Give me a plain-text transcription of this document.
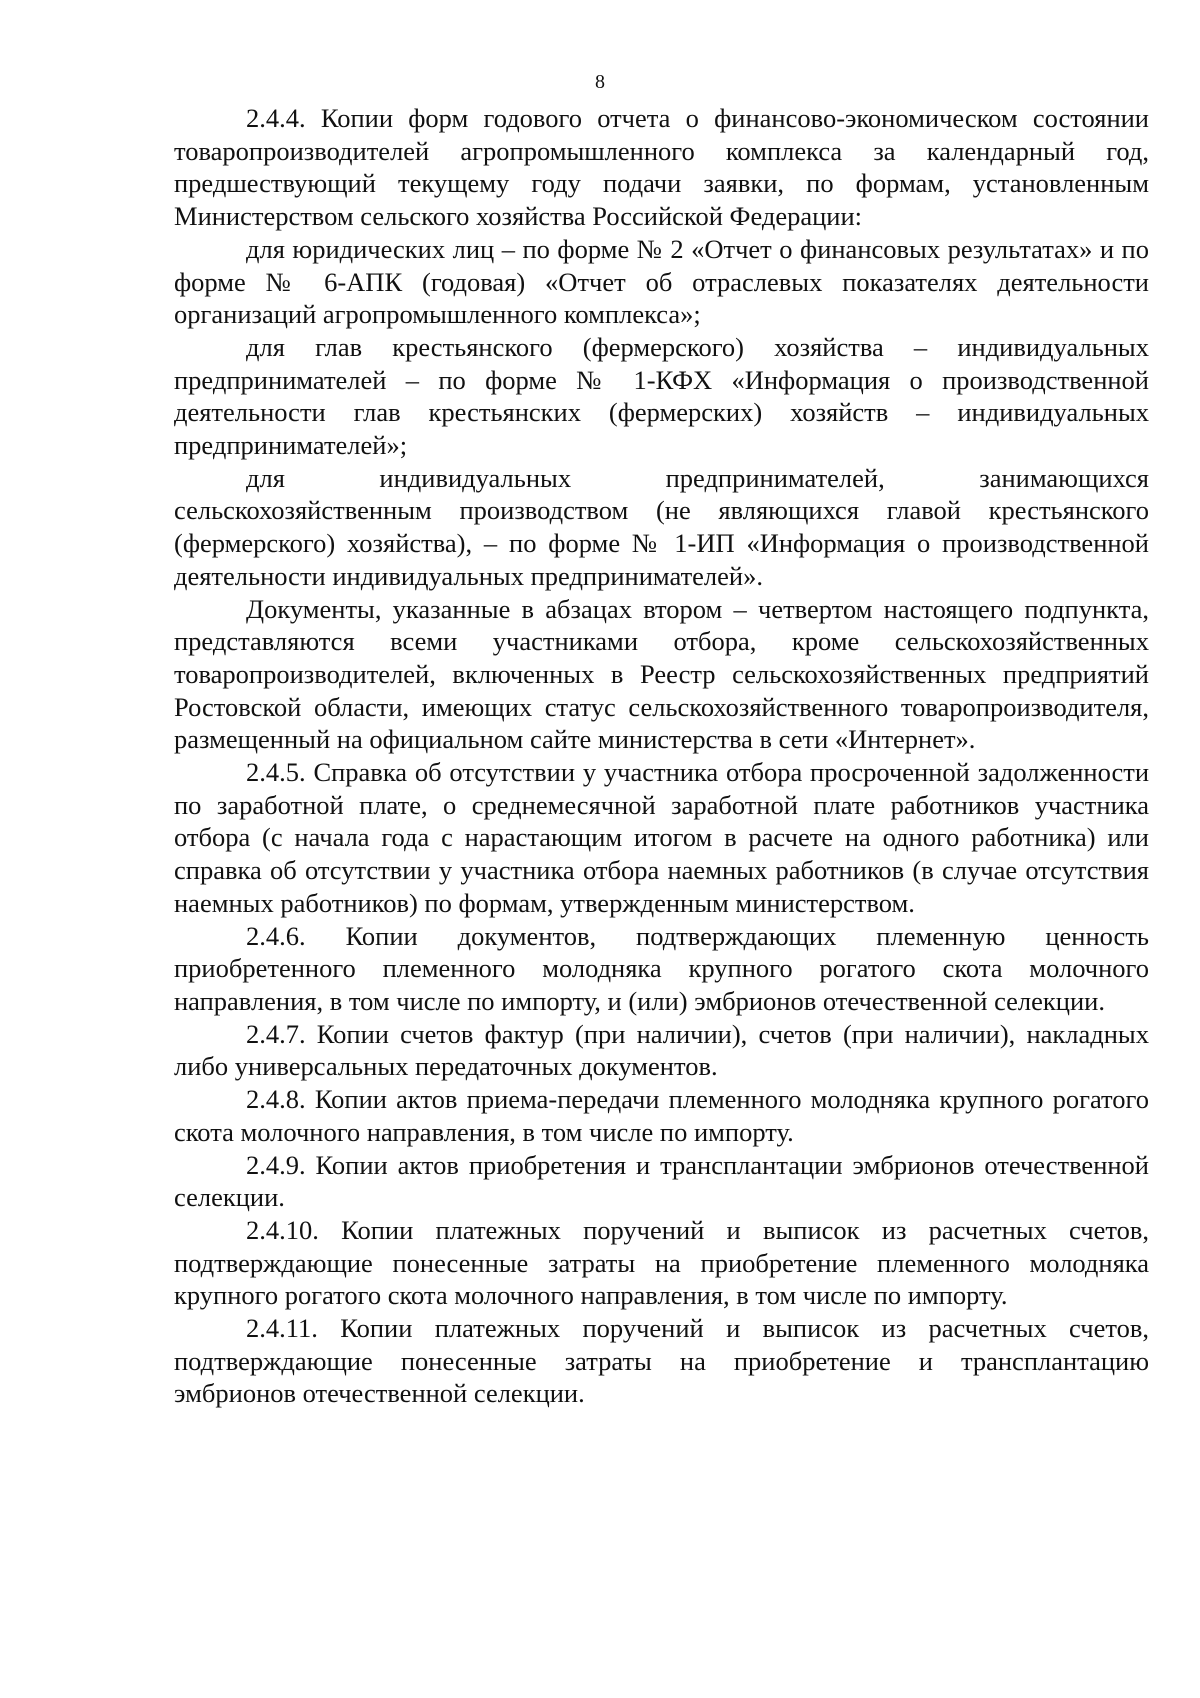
8

2.4.4. Копии форм годового отчета о финансово-экономическом состоянии товаропроизводителей агропромышленного комплекса за календарный год, предшествующий текущему году подачи заявки, по формам, установленным Министерством сельского хозяйства Российской Федерации:

для юридических лиц – по форме № 2 «Отчет о финансовых результатах» и по форме № 6-АПК (годовая) «Отчет об отраслевых показателях деятельности организаций агропромышленного комплекса»;

для глав крестьянского (фермерского) хозяйства – индивидуальных предпринимателей – по форме № 1-КФХ «Информация о производственной деятельности глав крестьянских (фермерских) хозяйств – индивидуальных предпринимателей»;

для индивидуальных предпринимателей, занимающихся сельскохозяйственным производством (не являющихся главой крестьянского (фермерского) хозяйства), – по форме № 1-ИП «Информация о производственной деятельности индивидуальных предпринимателей».

Документы, указанные в абзацах втором – четвертом настоящего подпункта, представляются всеми участниками отбора, кроме сельскохозяйственных товаропроизводителей, включенных в Реестр сельскохозяйственных предприятий Ростовской области, имеющих статус сельскохозяйственного товаропроизводителя, размещенный на официальном сайте министерства в сети «Интернет».

2.4.5. Справка об отсутствии у участника отбора просроченной задолженности по заработной плате, о среднемесячной заработной плате работников участника отбора (с начала года с нарастающим итогом в расчете на одного работника) или справка об отсутствии у участника отбора наемных работников (в случае отсутствия наемных работников) по формам, утвержденным министерством.

2.4.6. Копии документов, подтверждающих племенную ценность приобретенного племенного молодняка крупного рогатого скота молочного направления, в том числе по импорту, и (или) эмбрионов отечественной селекции.

2.4.7. Копии счетов фактур (при наличии), счетов (при наличии), накладных либо универсальных передаточных документов.

2.4.8. Копии актов приема-передачи племенного молодняка крупного рогатого скота молочного направления, в том числе по импорту.

2.4.9. Копии актов приобретения и трансплантации эмбрионов отечественной селекции.

2.4.10. Копии платежных поручений и выписок из расчетных счетов, подтверждающие понесенные затраты на приобретение племенного молодняка крупного рогатого скота молочного направления, в том числе по импорту.

2.4.11. Копии платежных поручений и выписок из расчетных счетов, подтверждающие понесенные затраты на приобретение и трансплантацию эмбрионов отечественной селекции.
